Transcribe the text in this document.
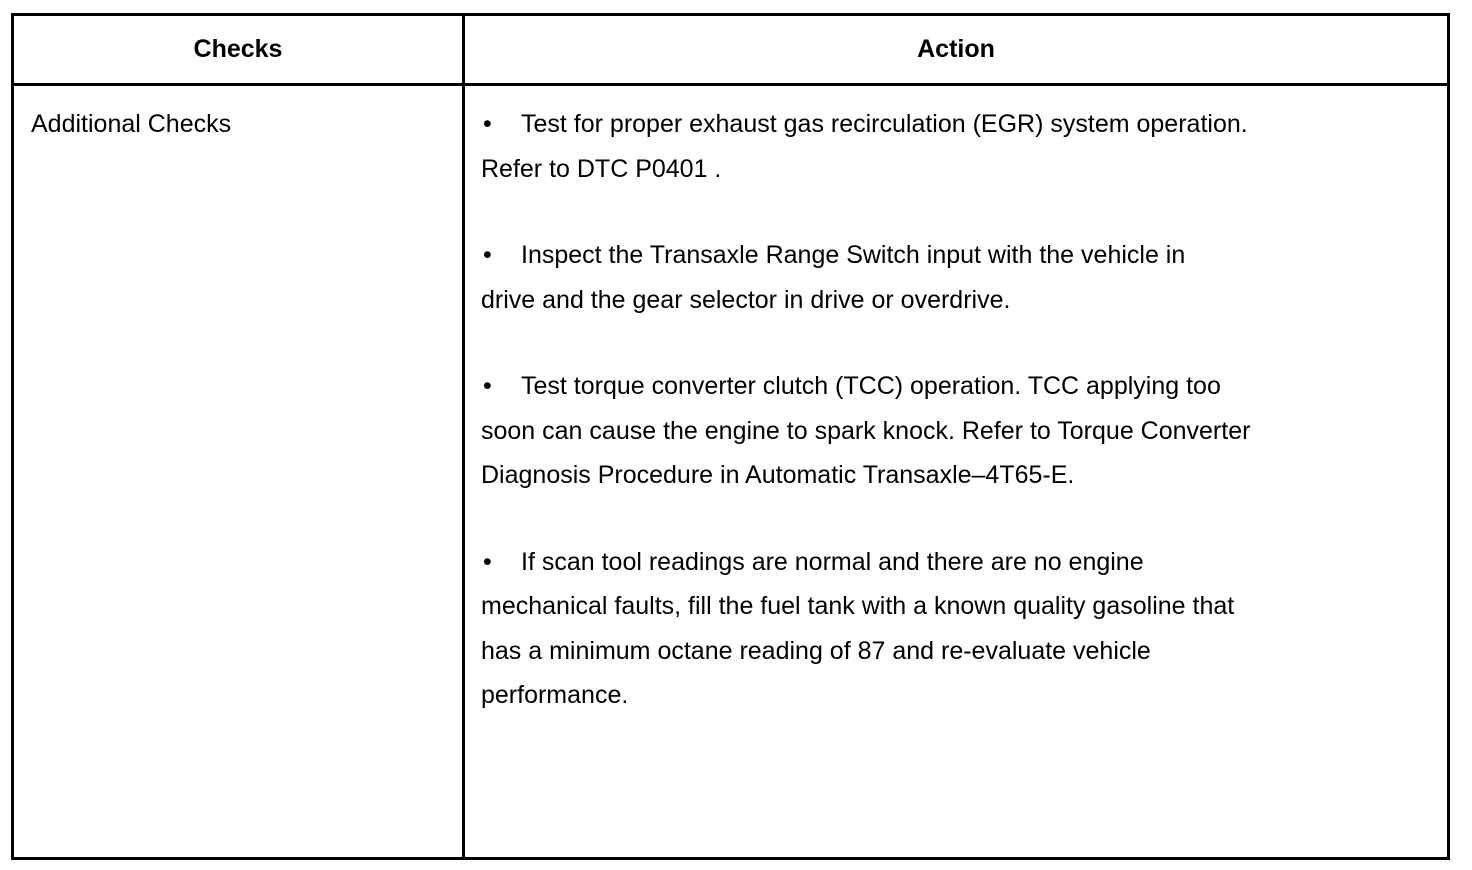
Checks	Action
Additional Checks	• Test for proper exhaust gas recirculation (EGR) system operation.
Refer to DTC P0401 .
• Inspect the Transaxle Range Switch input with the vehicle in
drive and the gear selector in drive or overdrive.
• Test torque converter clutch (TCC) operation. TCC applying too
soon can cause the engine to spark knock. Refer to Torque Converter
Diagnosis Procedure in Automatic Transaxle–4T65-E.
• If scan tool readings are normal and there are no engine
mechanical faults, fill the fuel tank with a known quality gasoline that
has a minimum octane reading of 87 and re-evaluate vehicle
performance.
